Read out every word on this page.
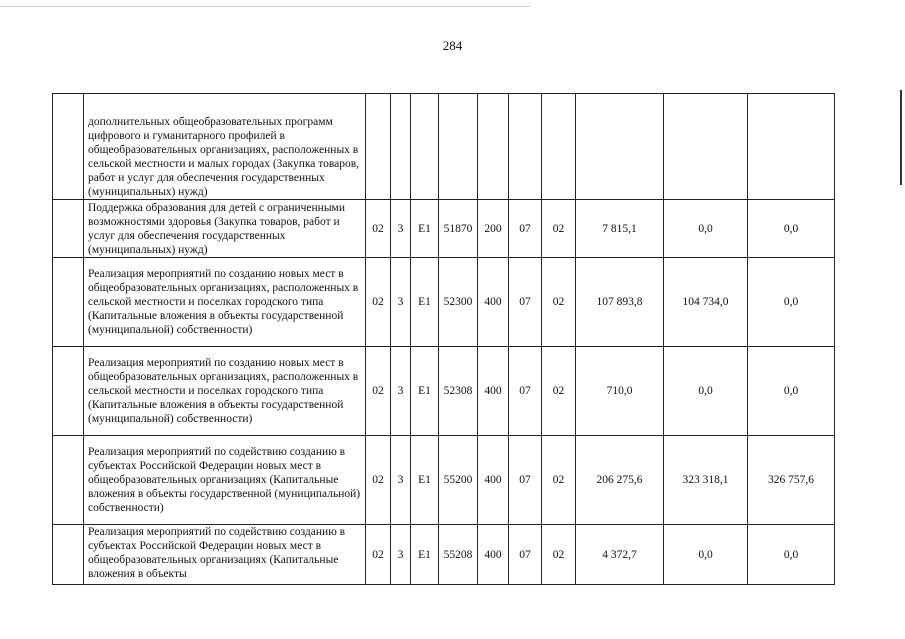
284
	дополнительных общеобразовательных программ цифрового и гуманитарного профилей в общеобразовательных организациях, расположенных в сельской местности и малых городах (Закупка товаров, работ и услуг для обеспечения государственных (муниципальных) нужд)										
	Поддержка образования для детей с ограниченными возможностями здоровья (Закупка товаров, работ и услуг для обеспечения государственных (муниципальных) нужд)	02	3	Е1	51870	200	07	02	7 815,1	0,0	0,0
	Реализация мероприятий по созданию новых мест в общеобразовательных организациях, расположенных в сельской местности и поселках городского типа (Капитальные вложения в объекты государственной (муниципальной) собственности)	02	3	Е1	52300	400	07	02	107 893,8	104 734,0	0,0
	Реализация мероприятий по созданию новых мест в общеобразовательных организациях, расположенных в сельской местности и поселках городского типа (Капитальные вложения в объекты государственной (муниципальной) собственности)	02	3	Е1	52308	400	07	02	710,0	0,0	0,0
	Реализация мероприятий по содействию созданию в субъектах Российской Федерации новых мест в общеобразовательных организациях (Капитальные вложения в объекты государственной (муниципальной) собственности)	02	3	Е1	55200	400	07	02	206 275,6	323 318,1	326 757,6
	Реализация мероприятий по содействию созданию в субъектах Российской Федерации новых мест в общеобразовательных организациях (Капитальные вложения в объекты	02	3	Е1	55208	400	07	02	4 372,7	0,0	0,0
